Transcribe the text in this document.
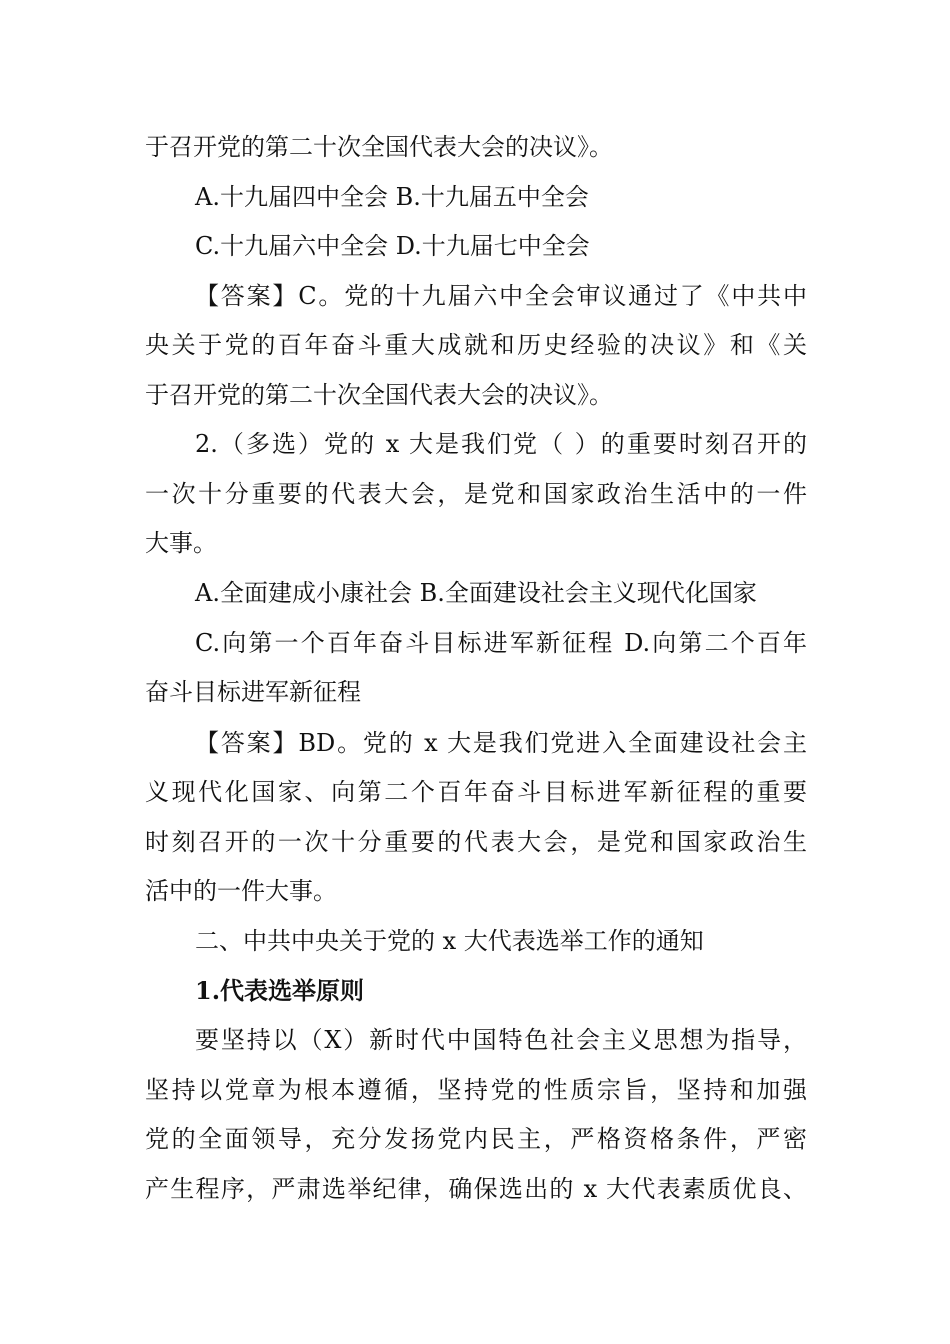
于召开党的第二十次全国代表大会的决议》。
A.十九届四中全会 B.十九届五中全会
C.十九届六中全会 D.十九届七中全会
【答案】C。党的十九届六中全会审议通过了《中共中
央关于党的百年奋斗重大成就和历史经验的决议》和《关
于召开党的第二十次全国代表大会的决议》。
2.（多选）党的 x 大是我们党（ ）的重要时刻召开的
一次十分重要的代表大会，是党和国家政治生活中的一件
大事。
A.全面建成小康社会 B.全面建设社会主义现代化国家
C.向第一个百年奋斗目标进军新征程 D.向第二个百年
奋斗目标进军新征程
【答案】BD。党的 x 大是我们党进入全面建设社会主
义现代化国家、向第二个百年奋斗目标进军新征程的重要
时刻召开的一次十分重要的代表大会，是党和国家政治生
活中的一件大事。
二、中共中央关于党的 x 大代表选举工作的通知
1.代表选举原则
要坚持以（X）新时代中国特色社会主义思想为指导，
坚持以党章为根本遵循，坚持党的性质宗旨，坚持和加强
党的全面领导，充分发扬党内民主，严格资格条件，严密
产生程序，严肃选举纪律，确保选出的 x 大代表素质优良、
